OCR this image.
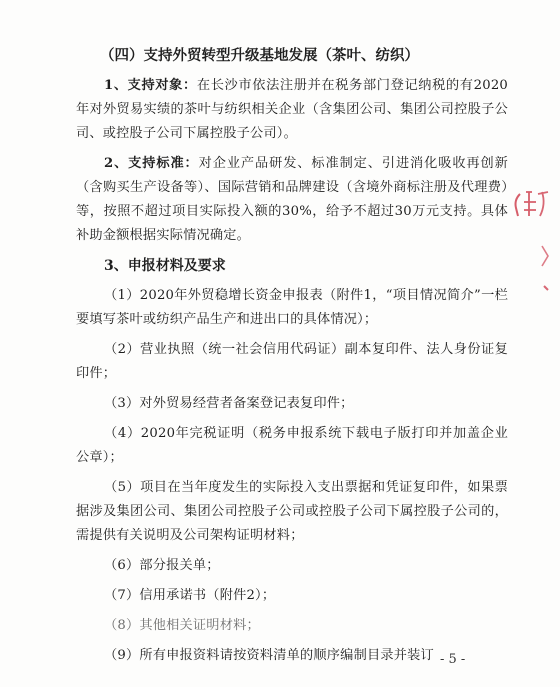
（四）支持外贸转型升级基地发展（茶叶、纺织）

1、支持对象：在长沙市依法注册并在税务部门登记纳税的有2020年对外贸易实绩的茶叶与纺织相关企业（含集团公司、集团公司控股子公司、或控股子公司下属控股子公司）。

2、支持标准：对企业产品研发、标准制定、引进消化吸收再创新（含购买生产设备等）、国际营销和品牌建设（含境外商标注册及代理费）等，按照不超过项目实际投入额的30%，给予不超过30万元支持。具体补助金额根据实际情况确定。

3、申报材料及要求

（1）2020年外贸稳增长资金申报表（附件1，“项目情况简介”一栏要填写茶叶或纺织产品生产和进出口的具体情况）；

（2）营业执照（统一社会信用代码证）副本复印件、法人身份证复印件；

（3）对外贸易经营者备案登记表复印件；

（4）2020年完税证明（税务申报系统下载电子版打印并加盖企业公章）；

（5）项目在当年度发生的实际投入支出票据和凭证复印件，如果票据涉及集团公司、集团公司控股子公司或控股子公司下属控股子公司的，需提供有关说明及公司架构证明材料；

（6）部分报关单；

（7）信用承诺书（附件2）；

（8）其他相关证明材料；

（9）所有申报资料请按资料清单的顺序编制目录并装订 - 5 -
